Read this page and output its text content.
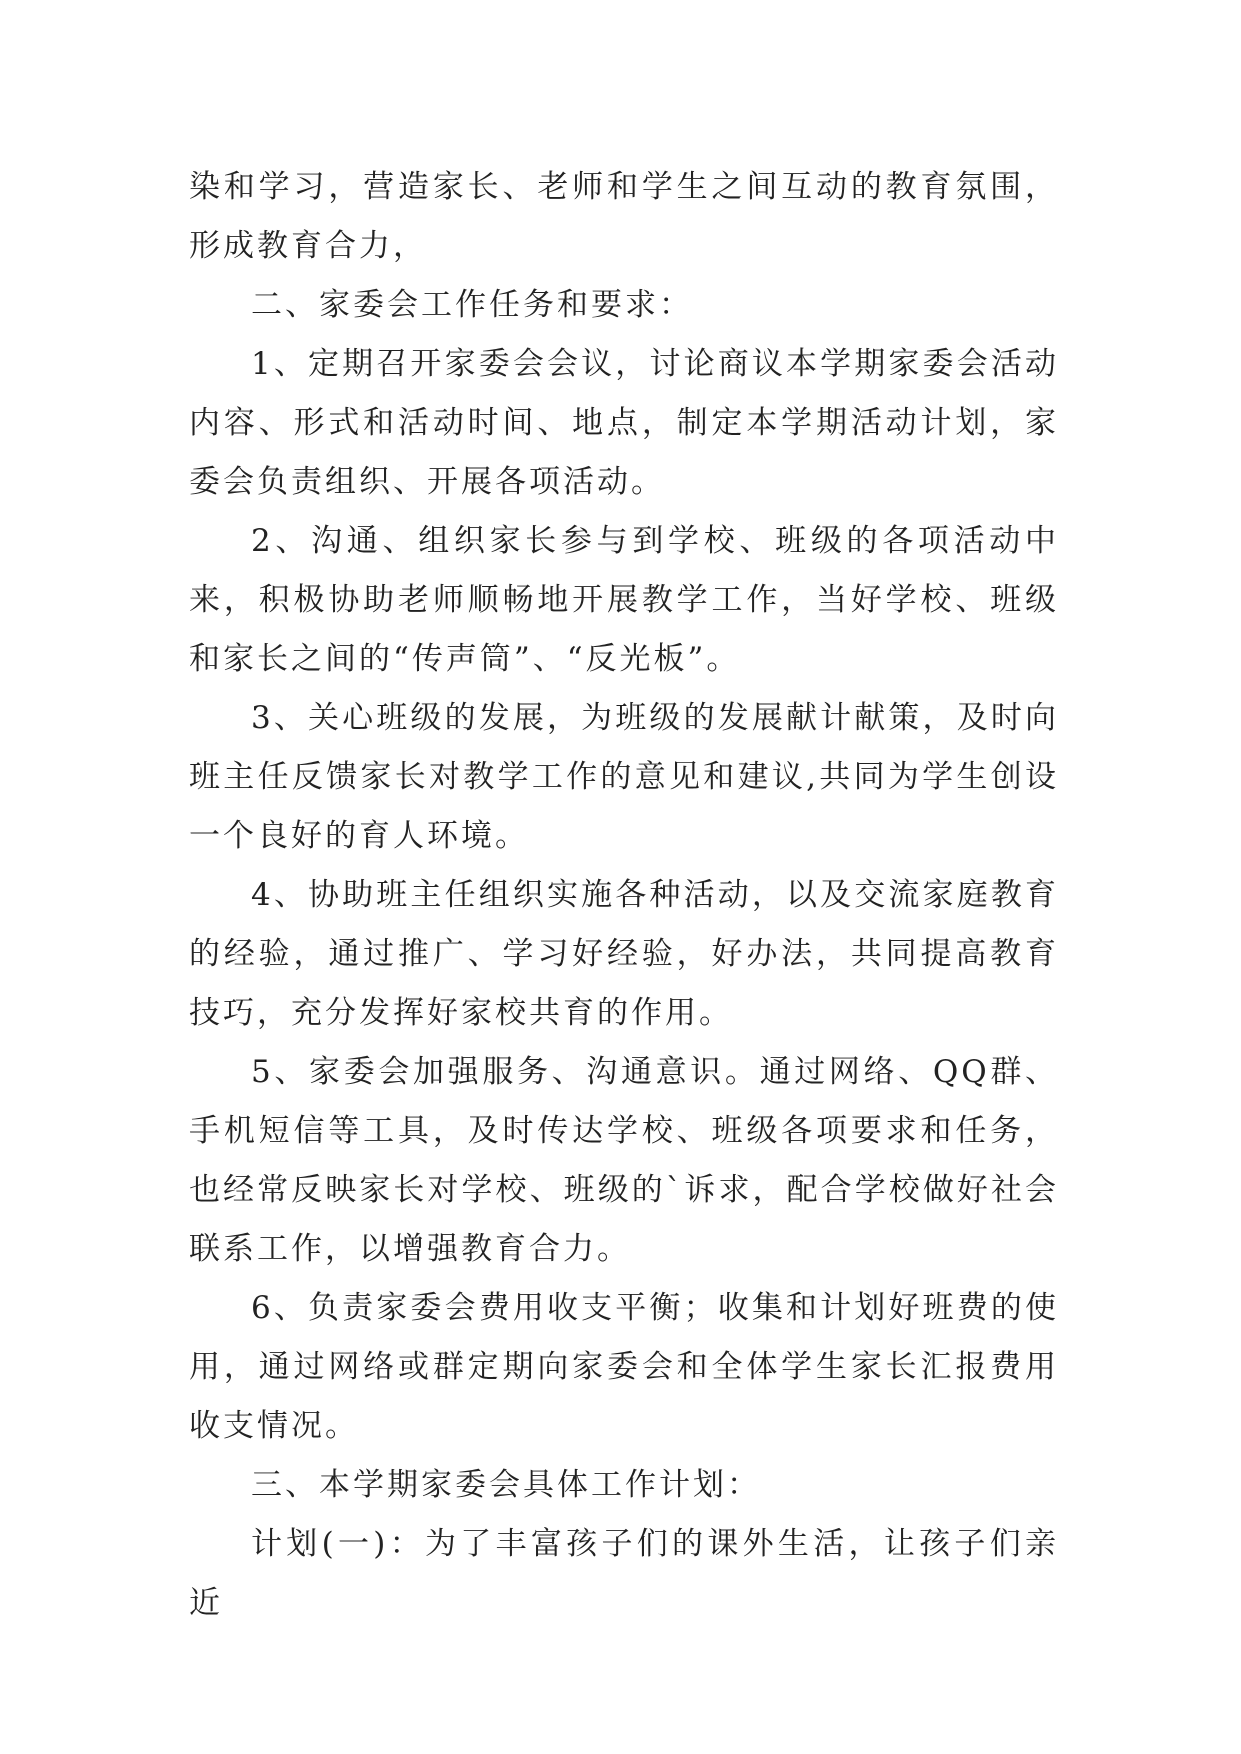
染和学习，营造家长、老师和学生之间互动的教育氛围，形成教育合力，

二、家委会工作任务和要求：

1、定期召开家委会会议，讨论商议本学期家委会活动内容、形式和活动时间、地点，制定本学期活动计划，家委会负责组织、开展各项活动。

2、沟通、组织家长参与到学校、班级的各项活动中来，积极协助老师顺畅地开展教学工作，当好学校、班级和家长之间的“传声筒”、“反光板”。

3、关心班级的发展，为班级的发展献计献策，及时向班主任反馈家长对教学工作的意见和建议,共同为学生创设一个良好的育人环境。

4、协助班主任组织实施各种活动，以及交流家庭教育的经验，通过推广、学习好经验，好办法，共同提高教育技巧，充分发挥好家校共育的作用。

5、家委会加强服务、沟通意识。通过网络、QQ群、手机短信等工具，及时传达学校、班级各项要求和任务，也经常反映家长对学校、班级的`诉求，配合学校做好社会联系工作，以增强教育合力。

6、负责家委会费用收支平衡；收集和计划好班费的使用，通过网络或群定期向家委会和全体学生家长汇报费用收支情况。

三、本学期家委会具体工作计划：

计划(一)：为了丰富孩子们的课外生活，让孩子们亲近
